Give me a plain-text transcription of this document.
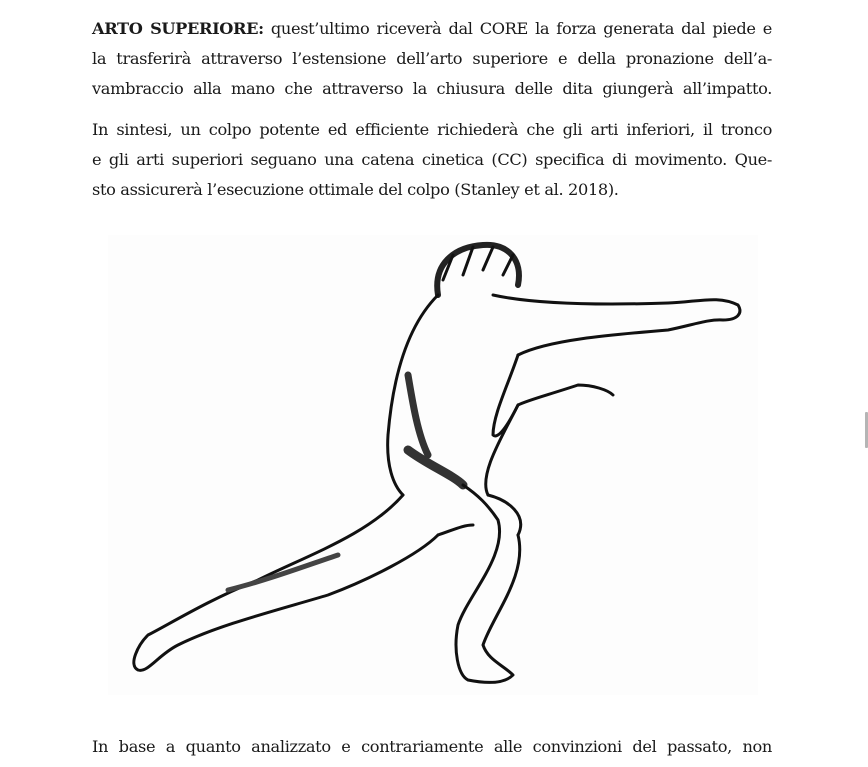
ARTO SUPERIORE: quest’ultimo riceverà dal CORE la forza generata dal piede e
la trasferirà attraverso l’estensione dell’arto superiore e della pronazione dell’a-
vambraccio alla mano che attraverso la chiusura delle dita giungerà all’impatto.
In sintesi, un colpo potente ed efficiente richiederà che gli arti inferiori, il tronco
e gli arti superiori seguano una catena cinetica (CC) specifica di movimento. Que-
sto assicurerà l’esecuzione ottimale del colpo (Stanley et al. 2018).
In base a quanto analizzato e contrariamente alle convinzioni del passato, non
